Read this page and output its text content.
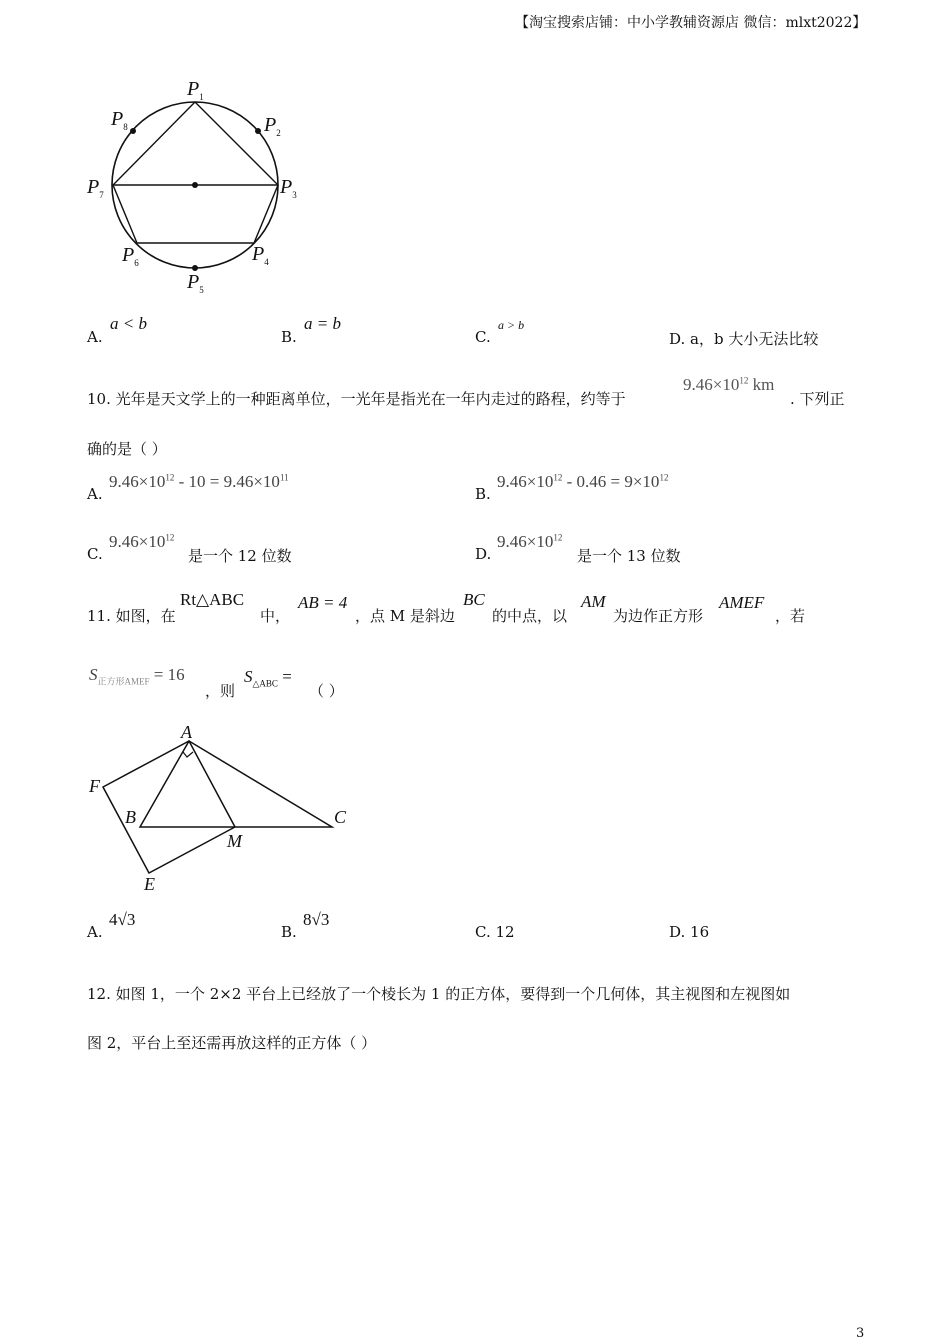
【淘宝搜索店铺：中小学教辅资源店 微信：mlxt2022】
$P_1$
$P_2$
$P_3$
$P_4$
$P_5$
$P_6$
$P_7$
$P_8$
A.
a < b
B.
a = b
C.
a > b
D. a，b 大小无法比较
10. 光年是天文学上的一种距离单位，一光年是指光在一年内走过的路程，约等于
$9.46\times 10^{12}$ km
. 下列正
确的是（ ）
A.
$9.46\times 10^{12} - 10 = 9.46\times 10^{11}$
B.
$9.46\times 10^{12} - 0.46 = 9\times 10^{12}$
C.
$9.46\times 10^{12}$
是一个 12 位数	D.
$9.46\times 10^{12}$
是一个 13 位数
11. 如图，在
Rt△ABC
中，
AB = 4
，点 M 是斜边
BC
的中点，以
AM
为边作正方形
AMEF
，若
$S_{正方形AMEF} = 16$
，则
$S_{\triangle ABC}$ =
（ ）
A
F
B	C
M
E
A.
4√3
B.
8√3
C. 12	D. 16
12. 如图 1，一个 2×2 平台上已经放了一个棱长为 1 的正方体，要得到一个几何体，其主视图和左视图如
图 2，平台上至还需再放这样的正方体（ ）
3
